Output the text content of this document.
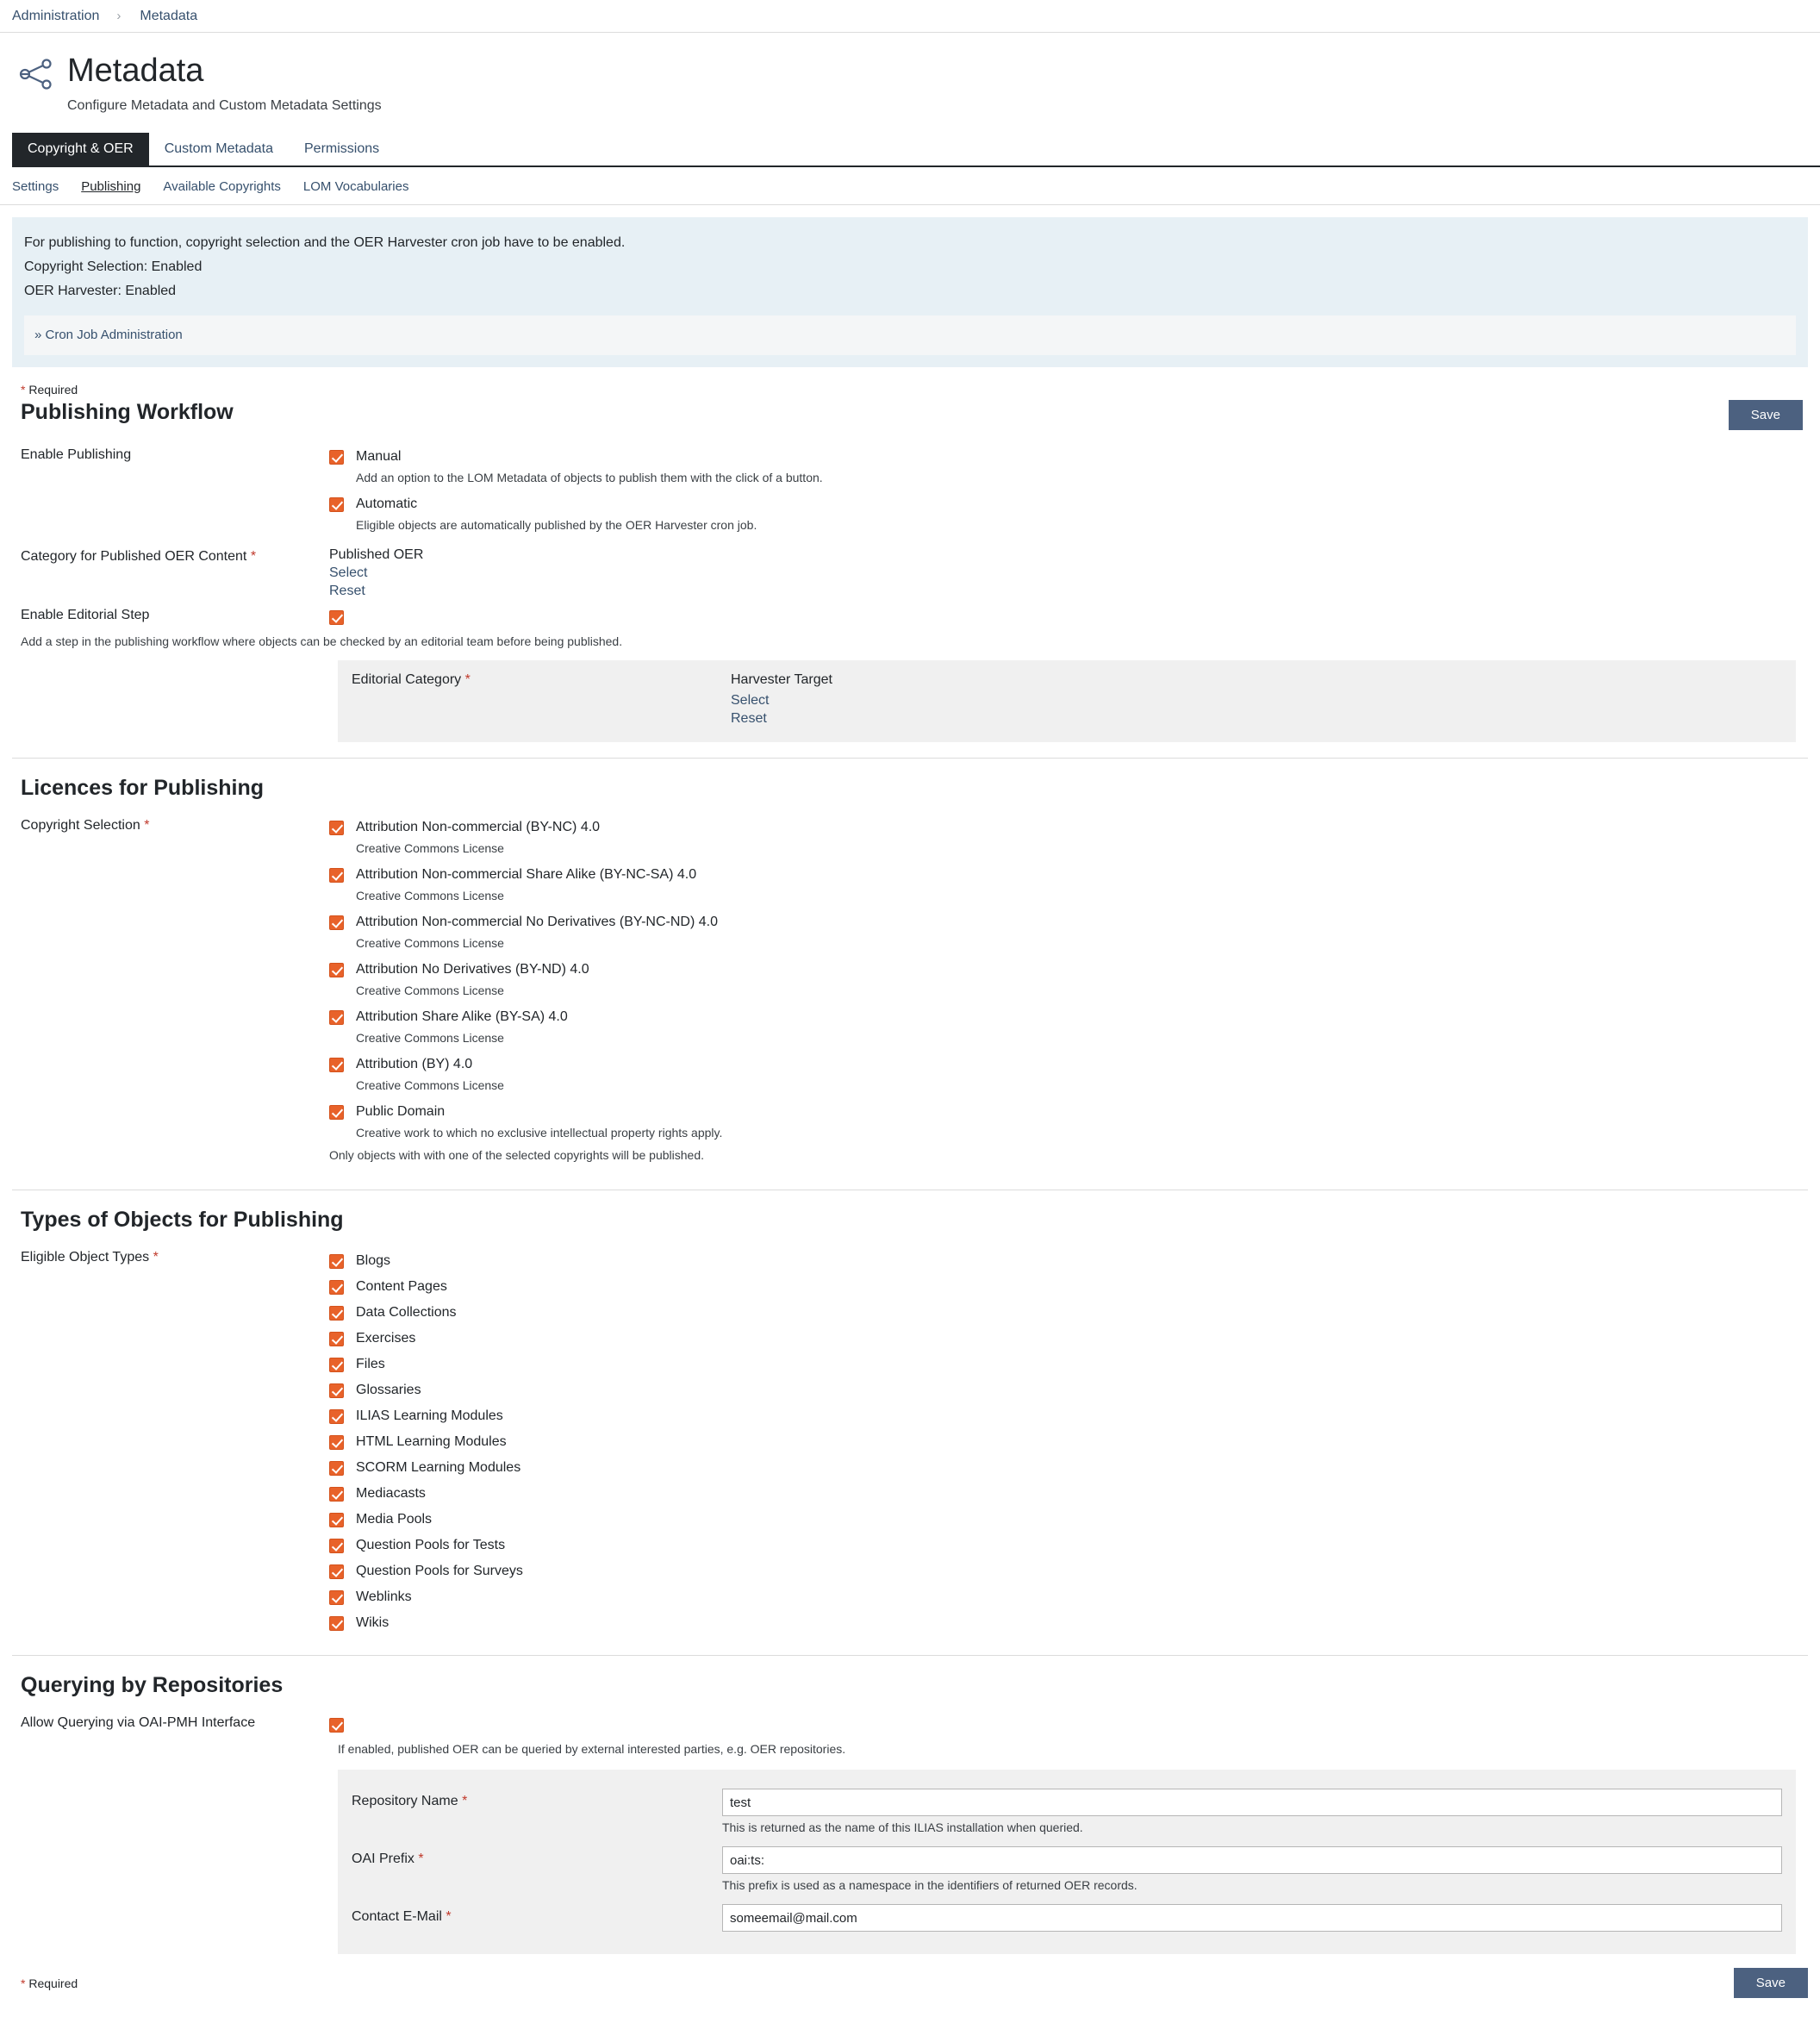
Administration › Metadata
Metadata
Configure Metadata and Custom Metadata Settings
Copyright & OER	Custom Metadata	Permissions
Settings Publishing Available Copyrights LOM Vocabularies
For publishing to function, copyright selection and the OER Harvester cron job have to be enabled.
Copyright Selection: Enabled
OER Harvester: Enabled
» Cron Job Administration
* Required
Publishing Workflow	Save
Enable Publishing	Manual
Add an option to the LOM Metadata of objects to publish them with the click of a button.
Automatic
Eligible objects are automatically published by the OER Harvester cron job.
Category for Published OER Content *	Published OER
Select
Reset
Enable Editorial Step
Add a step in the publishing workflow where objects can be checked by an editorial team before being published.
Editorial Category *	Harvester Target
Select
Reset
Licences for Publishing
Copyright Selection *	Attribution Non-commercial (BY-NC) 4.0
Creative Commons License
Attribution Non-commercial Share Alike (BY-NC-SA) 4.0
Creative Commons License
Attribution Non-commercial No Derivatives (BY-NC-ND) 4.0
Creative Commons License
Attribution No Derivatives (BY-ND) 4.0
Creative Commons License
Attribution Share Alike (BY-SA) 4.0
Creative Commons License
Attribution (BY) 4.0
Creative Commons License
Public Domain
Creative work to which no exclusive intellectual property rights apply.
Only objects with with one of the selected copyrights will be published.
Types of Objects for Publishing
Eligible Object Types *	Blogs
Content Pages
Data Collections
Exercises
Files
Glossaries
ILIAS Learning Modules
HTML Learning Modules
SCORM Learning Modules
Mediacasts
Media Pools
Question Pools for Tests
Question Pools for Surveys
Weblinks
Wikis
Querying by Repositories
Allow Querying via OAI-PMH Interface
If enabled, published OER can be queried by external interested parties, e.g. OER repositories.
Repository Name *
test
This is returned as the name of this ILIAS installation when queried.
OAI Prefix *
oai:ts:
This prefix is used as a namespace in the identifiers of returned OER records.
Contact E-Mail *
someemail@mail.com
* Required	Save
